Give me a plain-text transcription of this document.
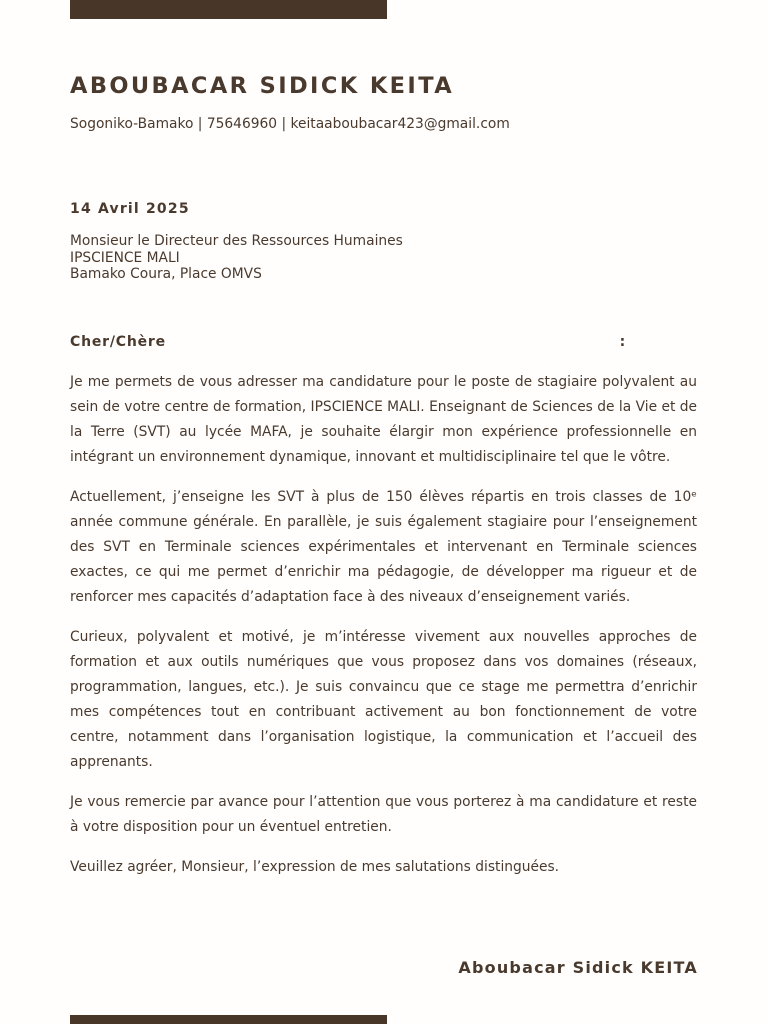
ABOUBACAR SIDICK KEITA
Sogoniko-Bamako | 75646960 | keitaaboubacar423@gmail.com
14 Avril 2025
Monsieur le Directeur des Ressources Humaines
IPSCIENCE MALI
Bamako Coura, Place OMVS
Cher/Chère	:

Je me permets de vous adresser ma candidature pour le poste de stagiaire polyvalent au sein de votre centre de formation, IPSCIENCE MALI. Enseignant de Sciences de la Vie et de la Terre (SVT) au lycée MAFA, je souhaite élargir mon expérience professionnelle en intégrant un environnement dynamique, innovant et multidisciplinaire tel que le vôtre.

Actuellement, j’enseigne les SVT à plus de 150 élèves répartis en trois classes de 10ᵉ année commune générale. En parallèle, je suis également stagiaire pour l’enseignement des SVT en Terminale sciences expérimentales et intervenant en Terminale sciences exactes, ce qui me permet d’enrichir ma pédagogie, de développer ma rigueur et de renforcer mes capacités d’adaptation face à des niveaux d’enseignement variés.

Curieux, polyvalent et motivé, je m’intéresse vivement aux nouvelles approches de formation et aux outils numériques que vous proposez dans vos domaines (réseaux, programmation, langues, etc.). Je suis convaincu que ce stage me permettra d’enrichir mes compétences tout en contribuant activement au bon fonctionnement de votre centre, notamment dans l’organisation logistique, la communication et l’accueil des apprenants.

Je vous remercie par avance pour l’attention que vous porterez à ma candidature et reste à votre disposition pour un éventuel entretien.

Veuillez agréer, Monsieur, l’expression de mes salutations distinguées.

Aboubacar Sidick KEITA
